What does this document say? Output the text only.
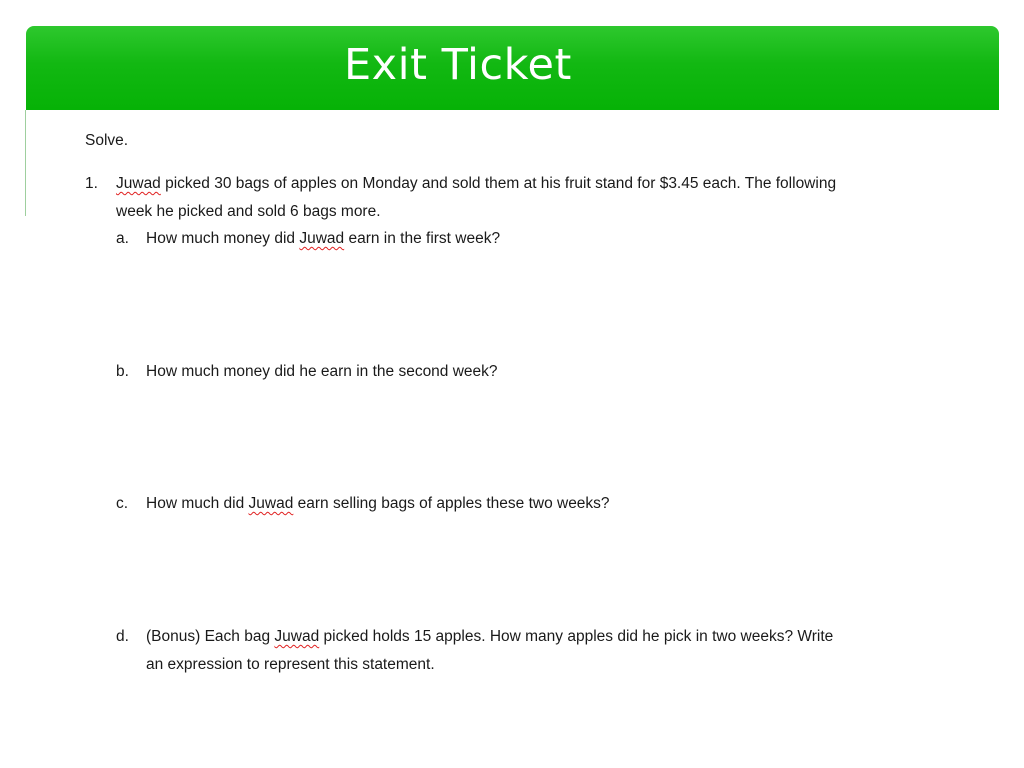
Exit Ticket
Solve.
1. Juwad picked 30 bags of apples on Monday and sold them at his fruit stand for $3.45 each. The following
week he picked and sold 6 bags more.
a. How much money did Juwad earn in the first week?
b. How much money did he earn in the second week?
c. How much did Juwad earn selling bags of apples these two weeks?
d. (Bonus) Each bag Juwad picked holds 15 apples. How many apples did he pick in two weeks? Write
an expression to represent this statement.
